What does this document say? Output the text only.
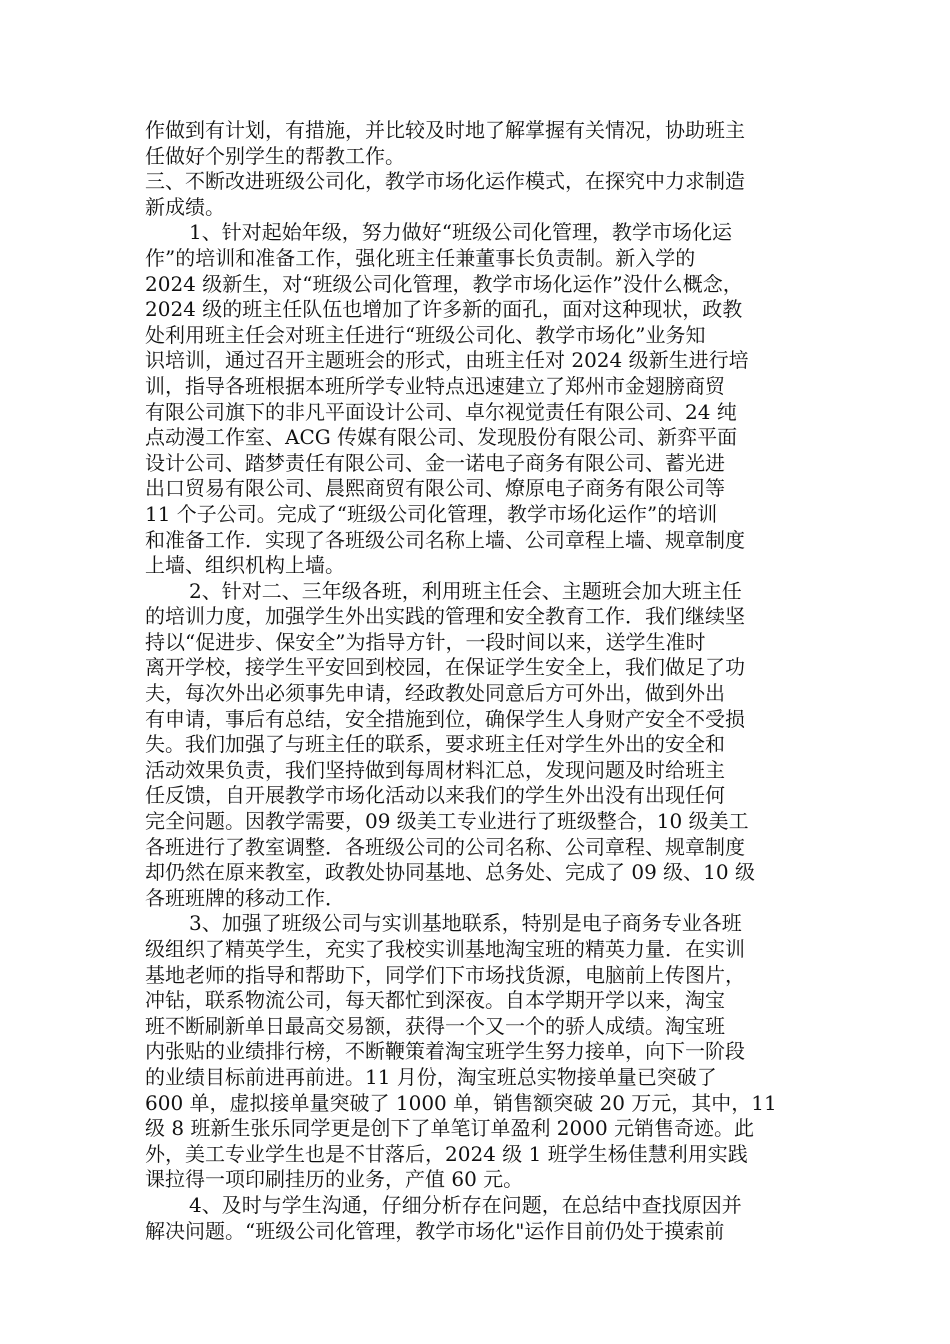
作做到有计划，有措施，并比较及时地了解掌握有关情况，协助班主
任做好个别学生的帮教工作。
三、不断改进班级公司化，教学市场化运作模式，在探究中力求制造
新成绩。
1、针对起始年级，努力做好“班级公司化管理，教学市场化运
作”的培训和准备工作，强化班主任兼董事长负责制。新入学的
2024 级新生，对“班级公司化管理，教学市场化运作”没什么概念，
2024 级的班主任队伍也增加了许多新的面孔，面对这种现状，政教
处利用班主任会对班主任进行“班级公司化、教学市场化”业务知
识培训，通过召开主题班会的形式，由班主任对 2024 级新生进行培
训，指导各班根据本班所学专业特点迅速建立了郑州市金翅膀商贸
有限公司旗下的非凡平面设计公司、卓尔视觉责任有限公司、24 纯
点动漫工作室、ACG 传媒有限公司、发现股份有限公司、新弈平面
设计公司、踏梦责任有限公司、金一诺电子商务有限公司、蓄光进
出口贸易有限公司、晨熙商贸有限公司、燎原电子商务有限公司等
11 个子公司。完成了“班级公司化管理，教学市场化运作”的培训
和准备工作．实现了各班级公司名称上墙、公司章程上墙、规章制度
上墙、组织机构上墙。
2、针对二、三年级各班，利用班主任会、主题班会加大班主任
的培训力度，加强学生外出实践的管理和安全教育工作．我们继续坚
持以“促进步、保安全”为指导方针，一段时间以来，送学生准时
离开学校，接学生平安回到校园，在保证学生安全上，我们做足了功
夫，每次外出必须事先申请，经政教处同意后方可外出，做到外出
有申请，事后有总结，安全措施到位，确保学生人身财产安全不受损
失。我们加强了与班主任的联系，要求班主任对学生外出的安全和
活动效果负责，我们坚持做到每周材料汇总，发现问题及时给班主
任反馈，自开展教学市场化活动以来我们的学生外出没有出现任何
完全问题。因教学需要，09 级美工专业进行了班级整合，10 级美工
各班进行了教室调整．各班级公司的公司名称、公司章程、规章制度
却仍然在原来教室，政教处协同基地、总务处、完成了 09 级、10 级
各班班牌的移动工作．
3、加强了班级公司与实训基地联系，特别是电子商务专业各班
级组织了精英学生，充实了我校实训基地淘宝班的精英力量．在实训
基地老师的指导和帮助下，同学们下市场找货源，电脑前上传图片，
冲钻，联系物流公司，每天都忙到深夜。自本学期开学以来，淘宝
班不断刷新单日最高交易额，获得一个又一个的骄人成绩。淘宝班
内张贴的业绩排行榜，不断鞭策着淘宝班学生努力接单，向下一阶段
的业绩目标前进再前进。11 月份，淘宝班总实物接单量已突破了
600 单，虚拟接单量突破了 1000 单，销售额突破 20 万元，其中，11
级 8 班新生张乐同学更是创下了单笔订单盈利 2000 元销售奇迹。此
外，美工专业学生也是不甘落后，2024 级 1 班学生杨佳慧利用实践
课拉得一项印刷挂历的业务，产值 60 元。
4、及时与学生沟通，仔细分析存在问题，在总结中查找原因并
解决问题。“班级公司化管理，教学市场化"运作目前仍处于摸索前
